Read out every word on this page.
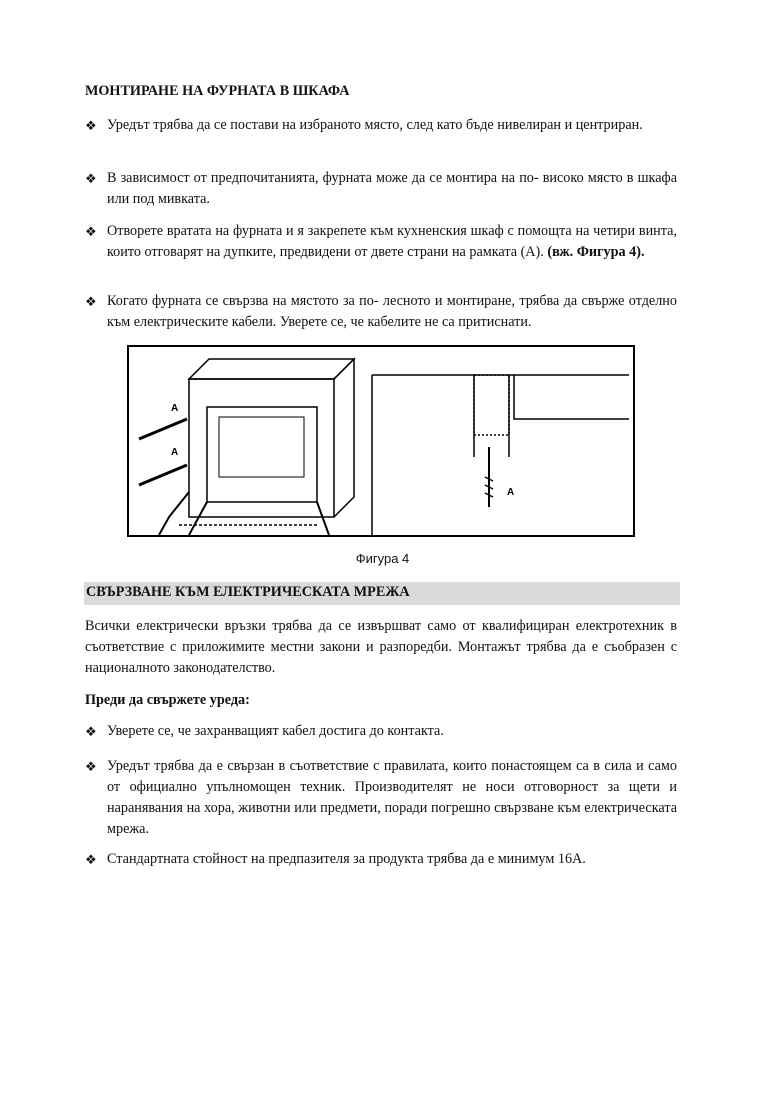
МОНТИРАНЕ НА ФУРНАТА В ШКАФА
❖ Уредът трябва да се постави на избраното място, след като бъде нивелиран и центриран.
❖ В зависимост от предпочитанията, фурната може да се монтира на по- високо място в шкафа или под мивката.
❖ Отворете вратата на фурната и я закрепете към кухненския шкаф с помощта на четири винта, които отговарят на дупките, предвидени от двете страни на рамката (А). (вж. Фигура 4).
❖ Когато фурната се свързва на мястото за по- лесното и монтиране, трябва да свърже отделно към електрическите кабели. Уверете се, че кабелите не са притиснати.
A
A
A
Фигура 4
СВЪРЗВАНЕ КЪМ ЕЛЕКТРИЧЕСКАТА МРЕЖА
Всички електрически връзки трябва да се извършват само от квалифициран електротехник в съответствие с приложимите местни закони и разпоредби. Монтажът трябва да е съобразен с националното законодателство.
Преди да свържете уреда:
❖ Уверете се, че захранващият кабел достига до контакта.
❖ Уредът трябва да е свързан в съответствие с правилата, които понастоящем са в сила и само от официално упълномощен техник. Производителят не носи отговорност за щети и наранявания на хора, животни или предмети, поради погрешно свързване към електрическата мрежа.
❖ Стандартната стойност на предпазителя за продукта трябва да е минимум 16А.
